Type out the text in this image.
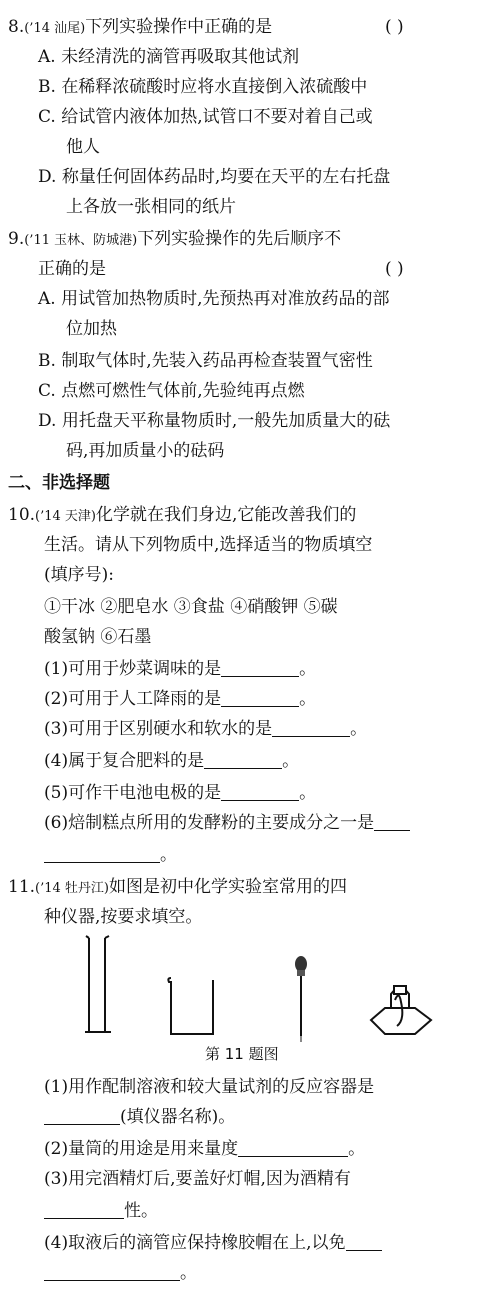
8.(’14 汕尾)下列实验操作中正确的是	( )
A. 未经清洗的滴管再吸取其他试剂
B. 在稀释浓硫酸时应将水直接倒入浓硫酸中
C. 给试管内液体加热,试管口不要对着自己或
他人
D. 称量任何固体药品时,均要在天平的左右托盘
上各放一张相同的纸片
9.(’11 玉林、防城港)下列实验操作的先后顺序不
正确的是	( )
A. 用试管加热物质时,先预热再对准放药品的部
位加热
B. 制取气体时,先装入药品再检查装置气密性
C. 点燃可燃性气体前,先验纯再点燃
D. 用托盘天平称量物质时,一般先加质量大的砝
码,再加质量小的砝码
二、非选择题
10.(’14 天津)化学就在我们身边,它能改善我们的
生活。请从下列物质中,选择适当的物质填空
(填序号):
①干冰 ②肥皂水 ③食盐 ④硝酸钾 ⑤碳
酸氢钠 ⑥石墨
(1)可用于炒菜调味的是	。
(2)可用于人工降雨的是	。
(3)可用于区别硬水和软水的是	。
(4)属于复合肥料的是	。
(5)可作干电池电极的是	。
(6)焙制糕点所用的发酵粉的主要成分之一是
。
11.(’14 牡丹江)如图是初中化学实验室常用的四
种仪器,按要求填空。
第 11 题图
(1)用作配制溶液和较大量试剂的反应容器是
(填仪器名称)。
(2)量筒的用途是用来量度	。
(3)用完酒精灯后,要盖好灯帽,因为酒精有
性。
(4)取液后的滴管应保持橡胶帽在上,以免
。
